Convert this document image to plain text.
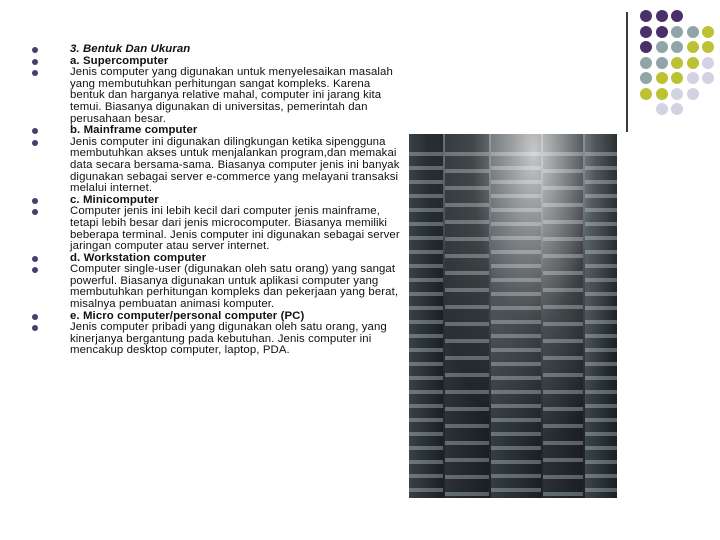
3. Bentuk Dan Ukuran
a. Supercomputer
Jenis computer yang digunakan untuk menyelesaikan masalah yang membutuhkan perhitungan sangat kompleks. Karena bentuk dan harganya relative mahal, computer ini jarang kita temui. Biasanya digunakan di universitas, pemerintah dan perusahaan besar.
b. Mainframe computer
Jenis computer ini digunakan dilingkungan ketika sipengguna membutuhkan akses untuk menjalankan program,dan memakai data secara bersama-sama. Biasanya computer jenis ini banyak digunakan sebagai server e-commerce yang melayani transaksi melalui internet.
c. Minicomputer
Computer jenis ini lebih kecil dari computer jenis mainframe, tetapi lebih besar dari jenis microcomputer. Biasanya memiliki beberapa terminal. Jenis computer ini digunakan sebagai server jaringan computer atau server internet.
d. Workstation computer
Computer single-user (digunakan oleh satu orang) yang sangat powerful. Biasanya digunakan untuk aplikasi computer yang membutuhkan perhitungan kompleks dan pekerjaan yang berat, misalnya pembuatan animasi komputer.
e. Micro computer/personal computer (PC)
Jenis computer pribadi yang digunakan oleh satu orang, yang kinerjanya bergantung pada kebutuhan. Jenis computer ini mencakup desktop computer, laptop, PDA.
